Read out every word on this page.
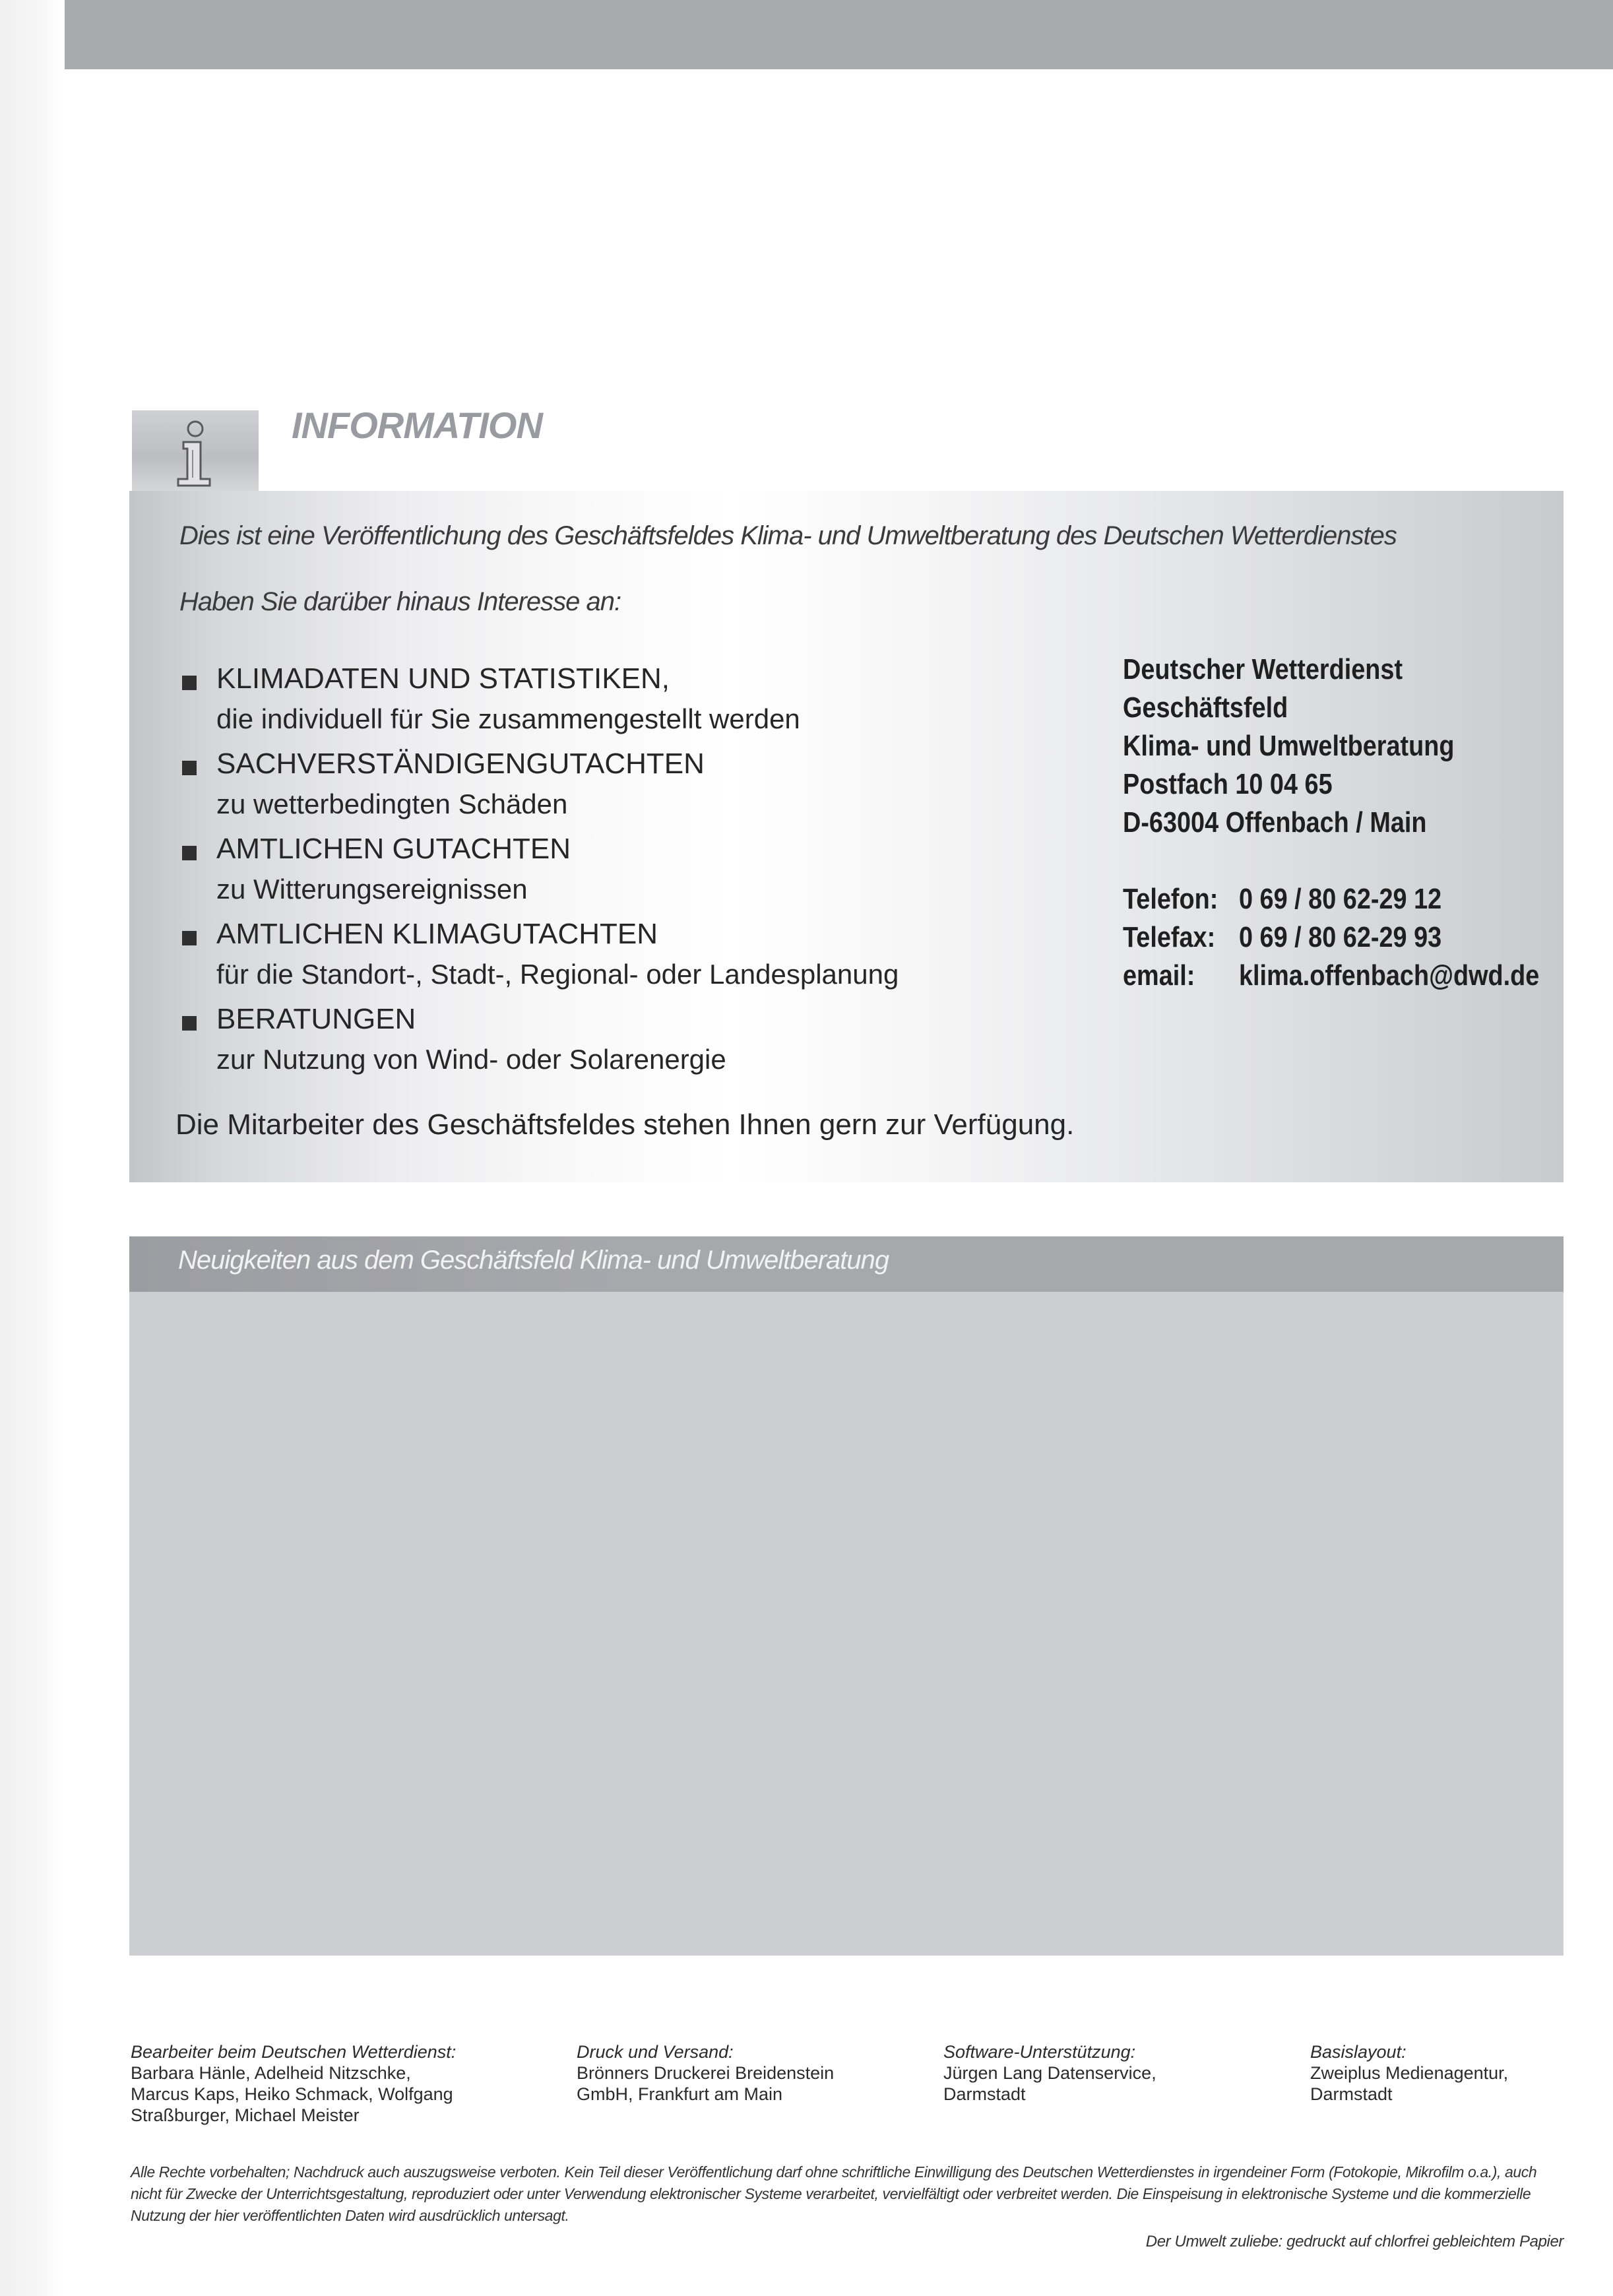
INFORMATION
Dies ist eine Veröffentlichung des Geschäftsfeldes Klima- und Umweltberatung des Deutschen Wetterdienstes
Haben Sie darüber hinaus Interesse an:
KLIMADATEN UND STATISTIKEN,
die individuell für Sie zusammengestellt werden
SACHVERSTÄNDIGENGUTACHTEN
zu wetterbedingten Schäden
AMTLICHEN GUTACHTEN
zu Witterungsereignissen
AMTLICHEN KLIMAGUTACHTEN
für die Standort-, Stadt-, Regional- oder Landesplanung
BERATUNGEN
zur Nutzung von Wind- oder Solarenergie
Die Mitarbeiter des Geschäftsfeldes stehen Ihnen gern zur Verfügung.
Deutscher Wetterdienst
Geschäftsfeld
Klima- und Umweltberatung
Postfach 10 04 65
D-63004 Offenbach / Main
Telefon: 0 69 / 80 62-29 12
Telefax: 0 69 / 80 62-29 93
email: klima.offenbach@dwd.de
Neuigkeiten aus dem Geschäftsfeld Klima- und Umweltberatung
Bearbeiter beim Deutschen Wetterdienst:
Barbara Hänle, Adelheid Nitzschke,
Marcus Kaps, Heiko Schmack, Wolfgang
Straßburger, Michael Meister
Druck und Versand:
Brönners Druckerei Breidenstein
GmbH, Frankfurt am Main
Software-Unterstützung:
Jürgen Lang Datenservice,
Darmstadt
Basislayout:
Zweiplus Medienagentur,
Darmstadt
Alle Rechte vorbehalten; Nachdruck auch auszugsweise verboten. Kein Teil dieser Veröffentlichung darf ohne schriftliche Einwilligung des Deutschen Wetterdienstes in irgendeiner Form (Fotokopie, Mikrofilm o.a.), auch nicht für Zwecke der Unterrichtsgestaltung, reproduziert oder unter Verwendung elektronischer Systeme verarbeitet, vervielfältigt oder verbreitet werden. Die Einspeisung in elektronische Systeme und die kommerzielle Nutzung der hier veröffentlichten Daten wird ausdrücklich untersagt.
Der Umwelt zuliebe: gedruckt auf chlorfrei gebleichtem Papier
